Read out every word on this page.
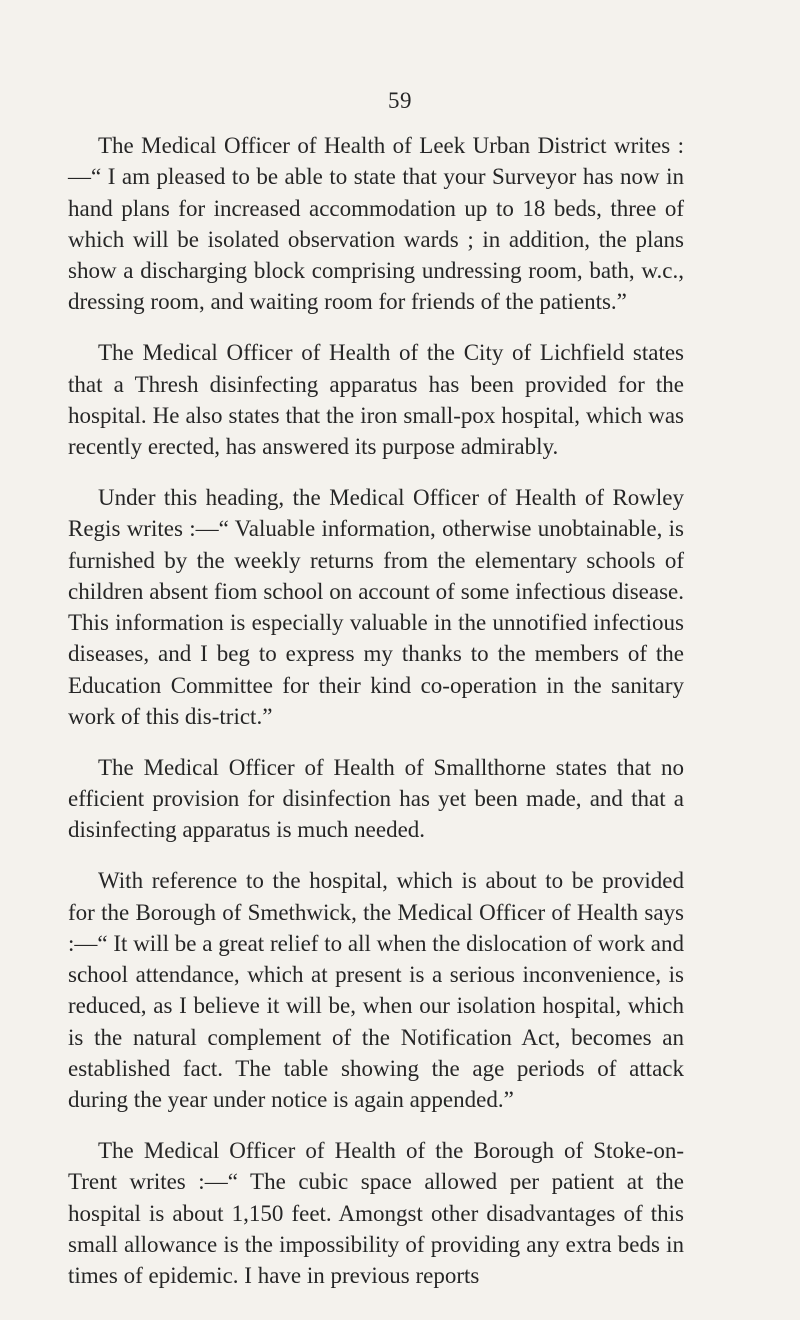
59

The Medical Officer of Health of Leek Urban District writes :—“ I am pleased to be able to state that your Surveyor has now in hand plans for increased accommodation up to 18 beds, three of which will be isolated observation wards ; in addition, the plans show a discharging block comprising undressing room, bath, w.c., dressing room, and waiting room for friends of the patients.”

The Medical Officer of Health of the City of Lichfield states that a Thresh disinfecting apparatus has been provided for the hospital. He also states that the iron small-pox hospital, which was recently erected, has answered its purpose admirably.

Under this heading, the Medical Officer of Health of Rowley Regis writes :—“ Valuable information, otherwise unobtainable, is furnished by the weekly returns from the elementary schools of children absent fiom school on account of some infectious disease. This information is especially valuable in the unnotified infectious diseases, and I beg to express my thanks to the members of the Education Committee for their kind co-operation in the sanitary work of this dis-trict.”

The Medical Officer of Health of Smallthorne states that no efficient provision for disinfection has yet been made, and that a disinfecting apparatus is much needed.

With reference to the hospital, which is about to be provided for the Borough of Smethwick, the Medical Officer of Health says :—“ It will be a great relief to all when the dislocation of work and school attendance, which at present is a serious inconvenience, is reduced, as I believe it will be, when our isolation hospital, which is the natural complement of the Notification Act, becomes an established fact. The table showing the age periods of attack during the year under notice is again appended.”

The Medical Officer of Health of the Borough of Stoke-on-Trent writes :—“ The cubic space allowed per patient at the hospital is about 1,150 feet. Amongst other disadvantages of this small allowance is the impossibility of providing any extra beds in times of epidemic. I have in previous reports
